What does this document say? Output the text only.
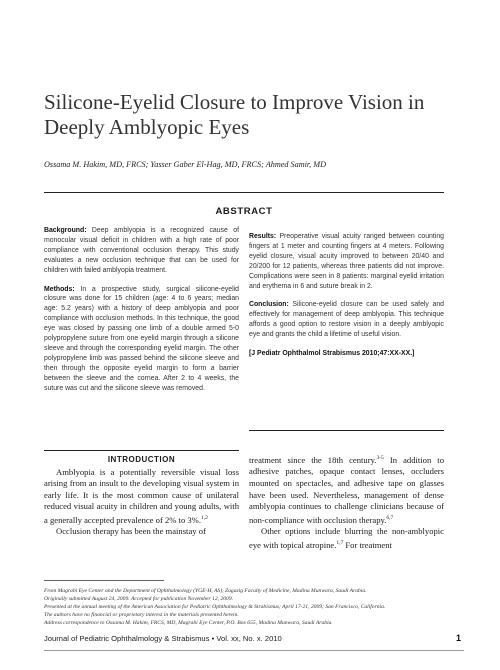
Silicone-Eyelid Closure to Improve Vision in Deeply Amblyopic Eyes
Ossama M. Hakim, MD, FRCS; Yasser Gaber El-Hag, MD, FRCS; Ahmed Samir, MD
ABSTRACT

Background: Deep amblyopia is a recognized cause of monocular visual deficit in children with a high rate of poor compliance with conventional occlusion therapy. This study evaluates a new occlusion technique that can be used for children with failed amblyopia treatment.

Methods: In a prospective study, surgical silicone-eyelid closure was done for 15 children (age: 4 to 6 years; median age: 5.2 years) with a history of deep amblyopia and poor compliance with occlusion methods. In this technique, the good eye was closed by passing one limb of a double armed 5-0 polypropylene suture from one eyelid margin through a silicone sleeve and through the corresponding eyelid margin. The other polypropylene limb was passed behind the silicone sleeve and then through the opposite eyelid margin to form a barrier between the sleeve and the cornea. After 2 to 4 weeks, the suture was cut and the silicone sleeve was removed.

Results: Preoperative visual acuity ranged between counting fingers at 1 meter and counting fingers at 4 meters. Following eyelid closure, visual acuity improved to between 20/40 and 20/200 for 12 patients, whereas three patients did not improve. Complications were seen in 8 patients: marginal eyelid irritation and erythema in 6 and suture break in 2.

Conclusion: Silicone-eyelid closure can be used safely and effectively for management of deep amblyopia. This technique affords a good option to restore vision in a deeply amblyopic eye and grants the child a lifetime of useful vision.

[J Pediatr Ophthalmol Strabismus 2010;47:XX-XX.]
INTRODUCTION

Amblyopia is a potentially reversible visual loss arising from an insult to the developing visual system in early life. It is the most common cause of unilateral reduced visual acuity in children and young adults, with a generally accepted prevalence of 2% to 3%.$^{1,2}$

Occlusion therapy has been the mainstay of

treatment since the 18th century.$^{3-5}$ In addition to adhesive patches, opaque contact lenses, occluders mounted on spectacles, and adhesive tape on glasses have been used. Nevertheless, management of dense amblyopia continues to challenge clinicians because of non-compliance with occlusion therapy.$^{6,7}$

Other options include blurring the non-amblyopic eye with topical atropine.$^{1,7}$ For treatment

From Magrabi Eye Center and the Department of Ophthalmology (YGE-H, AS), Zagazig Faculty of Medicine, Madina Munwara, Saudi Arabia.
Originally submitted August 24, 2009. Accepted for publication November 12, 2009.
Presented at the annual meeting of the American Association for Pediatric Ophthalmology & Strabismus; April 17-21, 2009; San Francisco, California.
The authors have no financial or proprietary interest in the materials presented herein.
Address correspondence to Ossama M. Hakim, FRCS, MD, Magrabi Eye Center, P.O. Box 655, Madina Munwara, Saudi Arabia.
Journal of Pediatric Ophthalmology & Strabismus • Vol. xx, No. x. 2010	1
